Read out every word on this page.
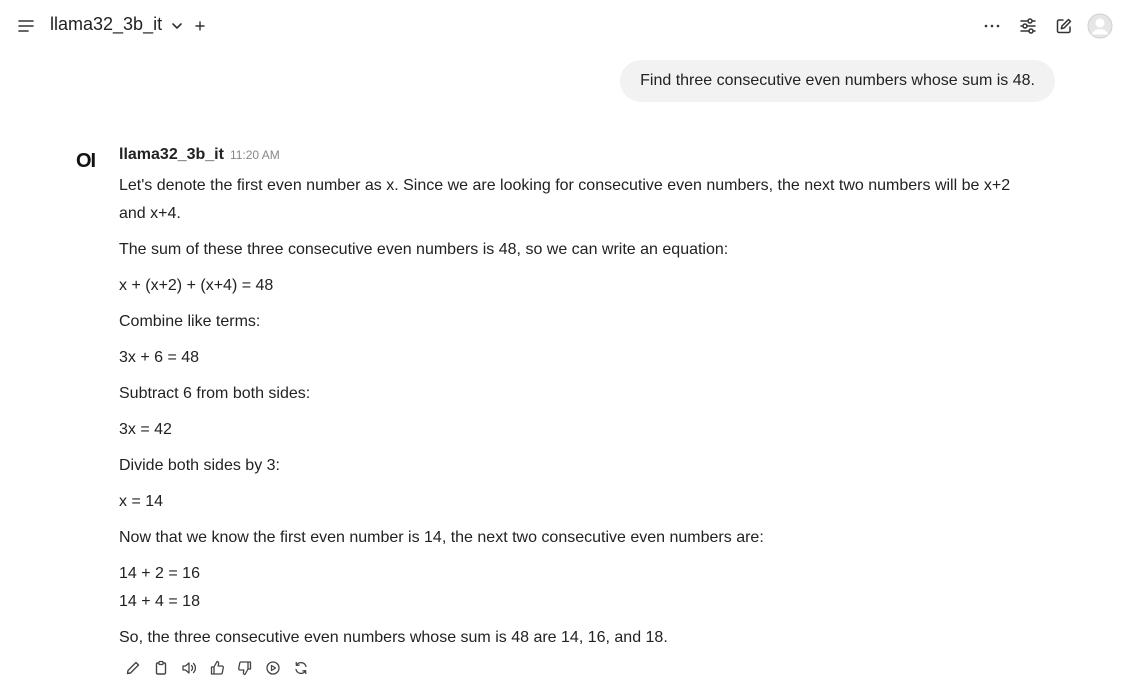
llama32_3b_it
Find three consecutive even numbers whose sum is 48.
OI llama32_3b_it 11:20 AM

Let's denote the first even number as x. Since we are looking for consecutive even numbers, the next two numbers will be x+2 and x+4.

The sum of these three consecutive even numbers is 48, so we can write an equation:

x + (x+2) + (x+4) = 48

Combine like terms:

3x + 6 = 48

Subtract 6 from both sides:

3x = 42

Divide both sides by 3:

x = 14

Now that we know the first even number is 14, the next two consecutive even numbers are:

14 + 2 = 16

14 + 4 = 18

So, the three consecutive even numbers whose sum is 48 are 14, 16, and 18.
